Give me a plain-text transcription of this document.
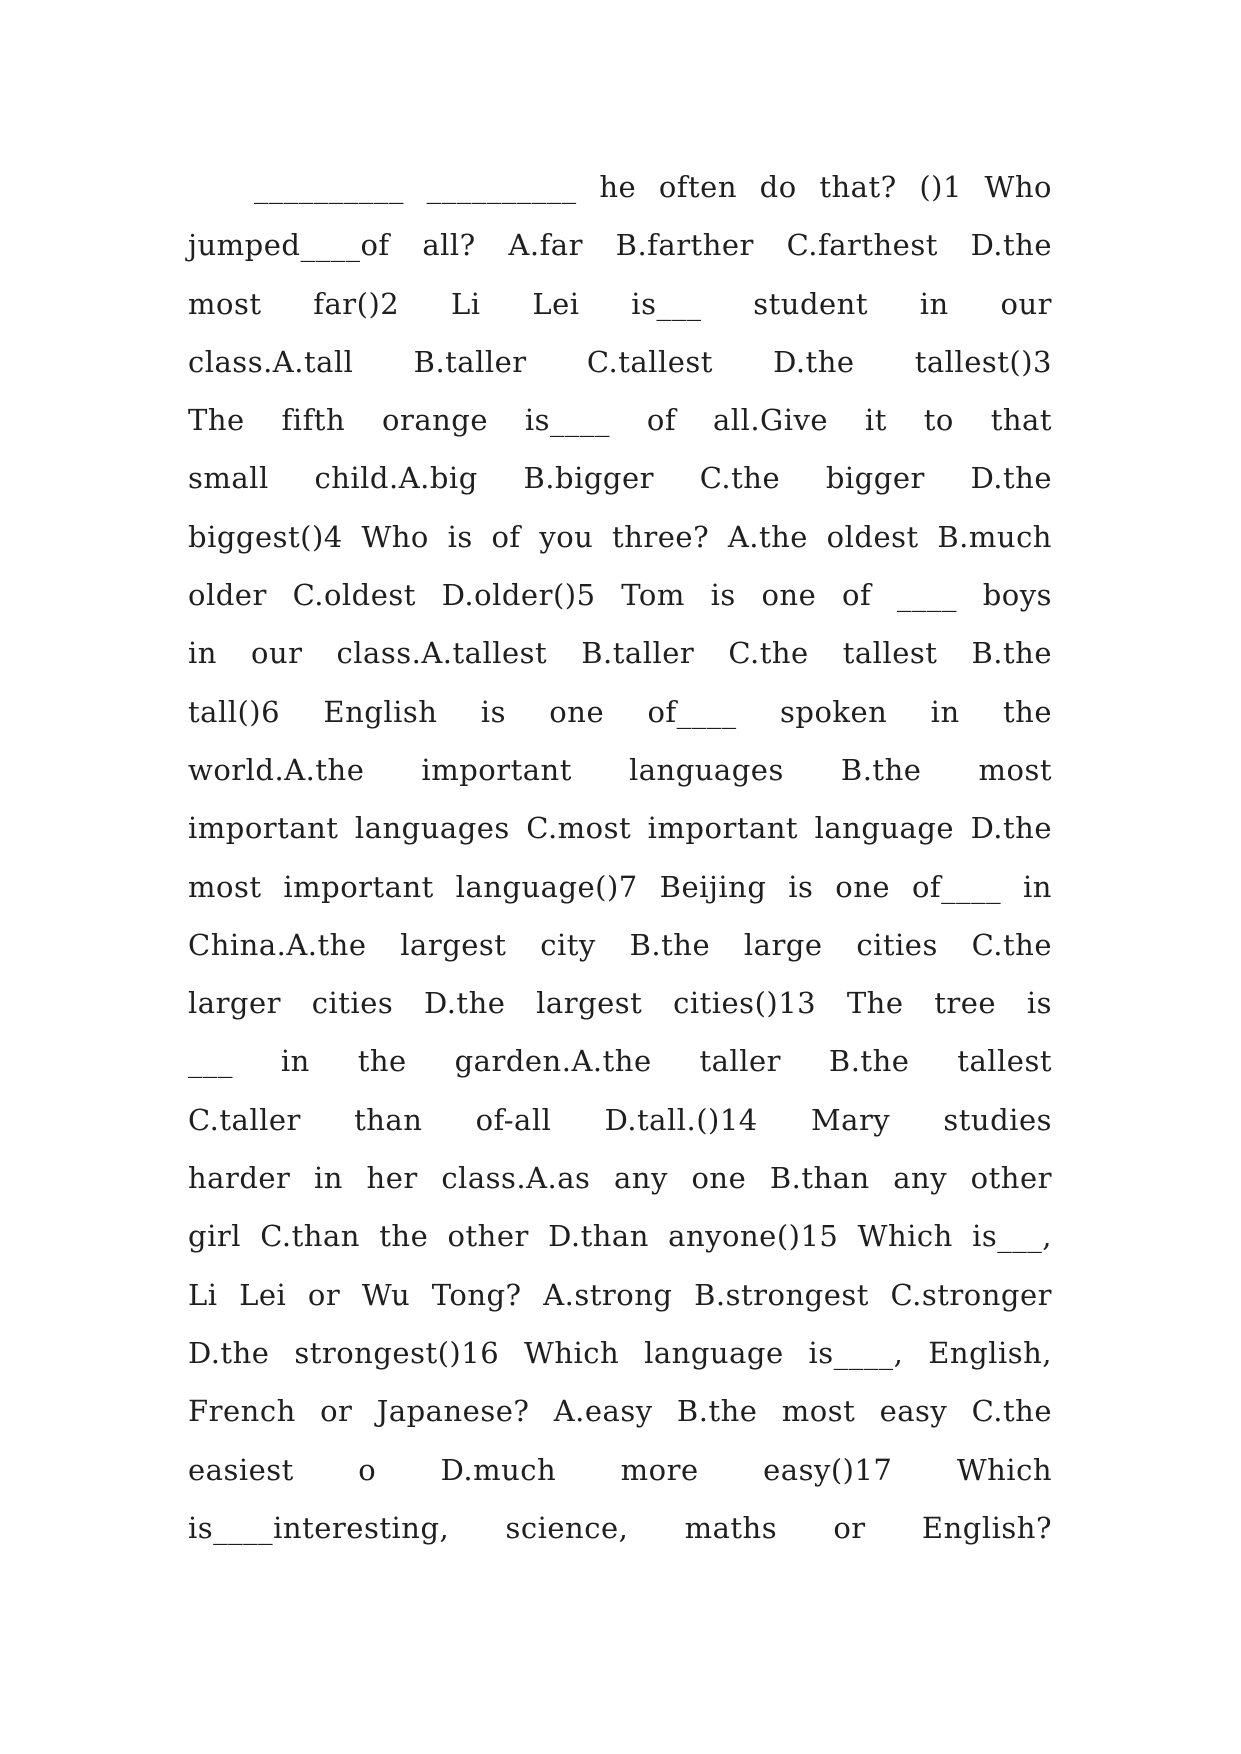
__________ __________ he often do that? ()1 Who
jumped____of all? A.far B.farther C.farthest D.the
most far()2 Li Lei is___ student in our
class.A.tall B.taller C.tallest D.the tallest()3
The fifth orange is____ of all.Give it to that
small child.A.big B.bigger C.the bigger D.the
biggest()4 Who is of you three? A.the oldest B.much
older C.oldest D.older()5 Tom is one of ____ boys
in our class.A.tallest B.taller C.the tallest B.the
tall()6 English is one of____ spoken in the
world.A.the important languages B.the most
important languages C.most important language D.the
most important language()7 Beijing is one of____ in
China.A.the largest city B.the large cities C.the
larger cities D.the largest cities()13 The tree is
___ in the garden.A.the taller B.the tallest
C.taller than of-all D.tall.()14 Mary studies
harder in her class.A.as any one B.than any other
girl C.than the other D.than anyone()15 Which is___,
Li Lei or Wu Tong? A.strong B.strongest C.stronger
D.the strongest()16 Which language is____, English,
French or Japanese? A.easy B.the most easy C.the
easiest o D.much more easy()17 Which
is____interesting, science, maths or English?
